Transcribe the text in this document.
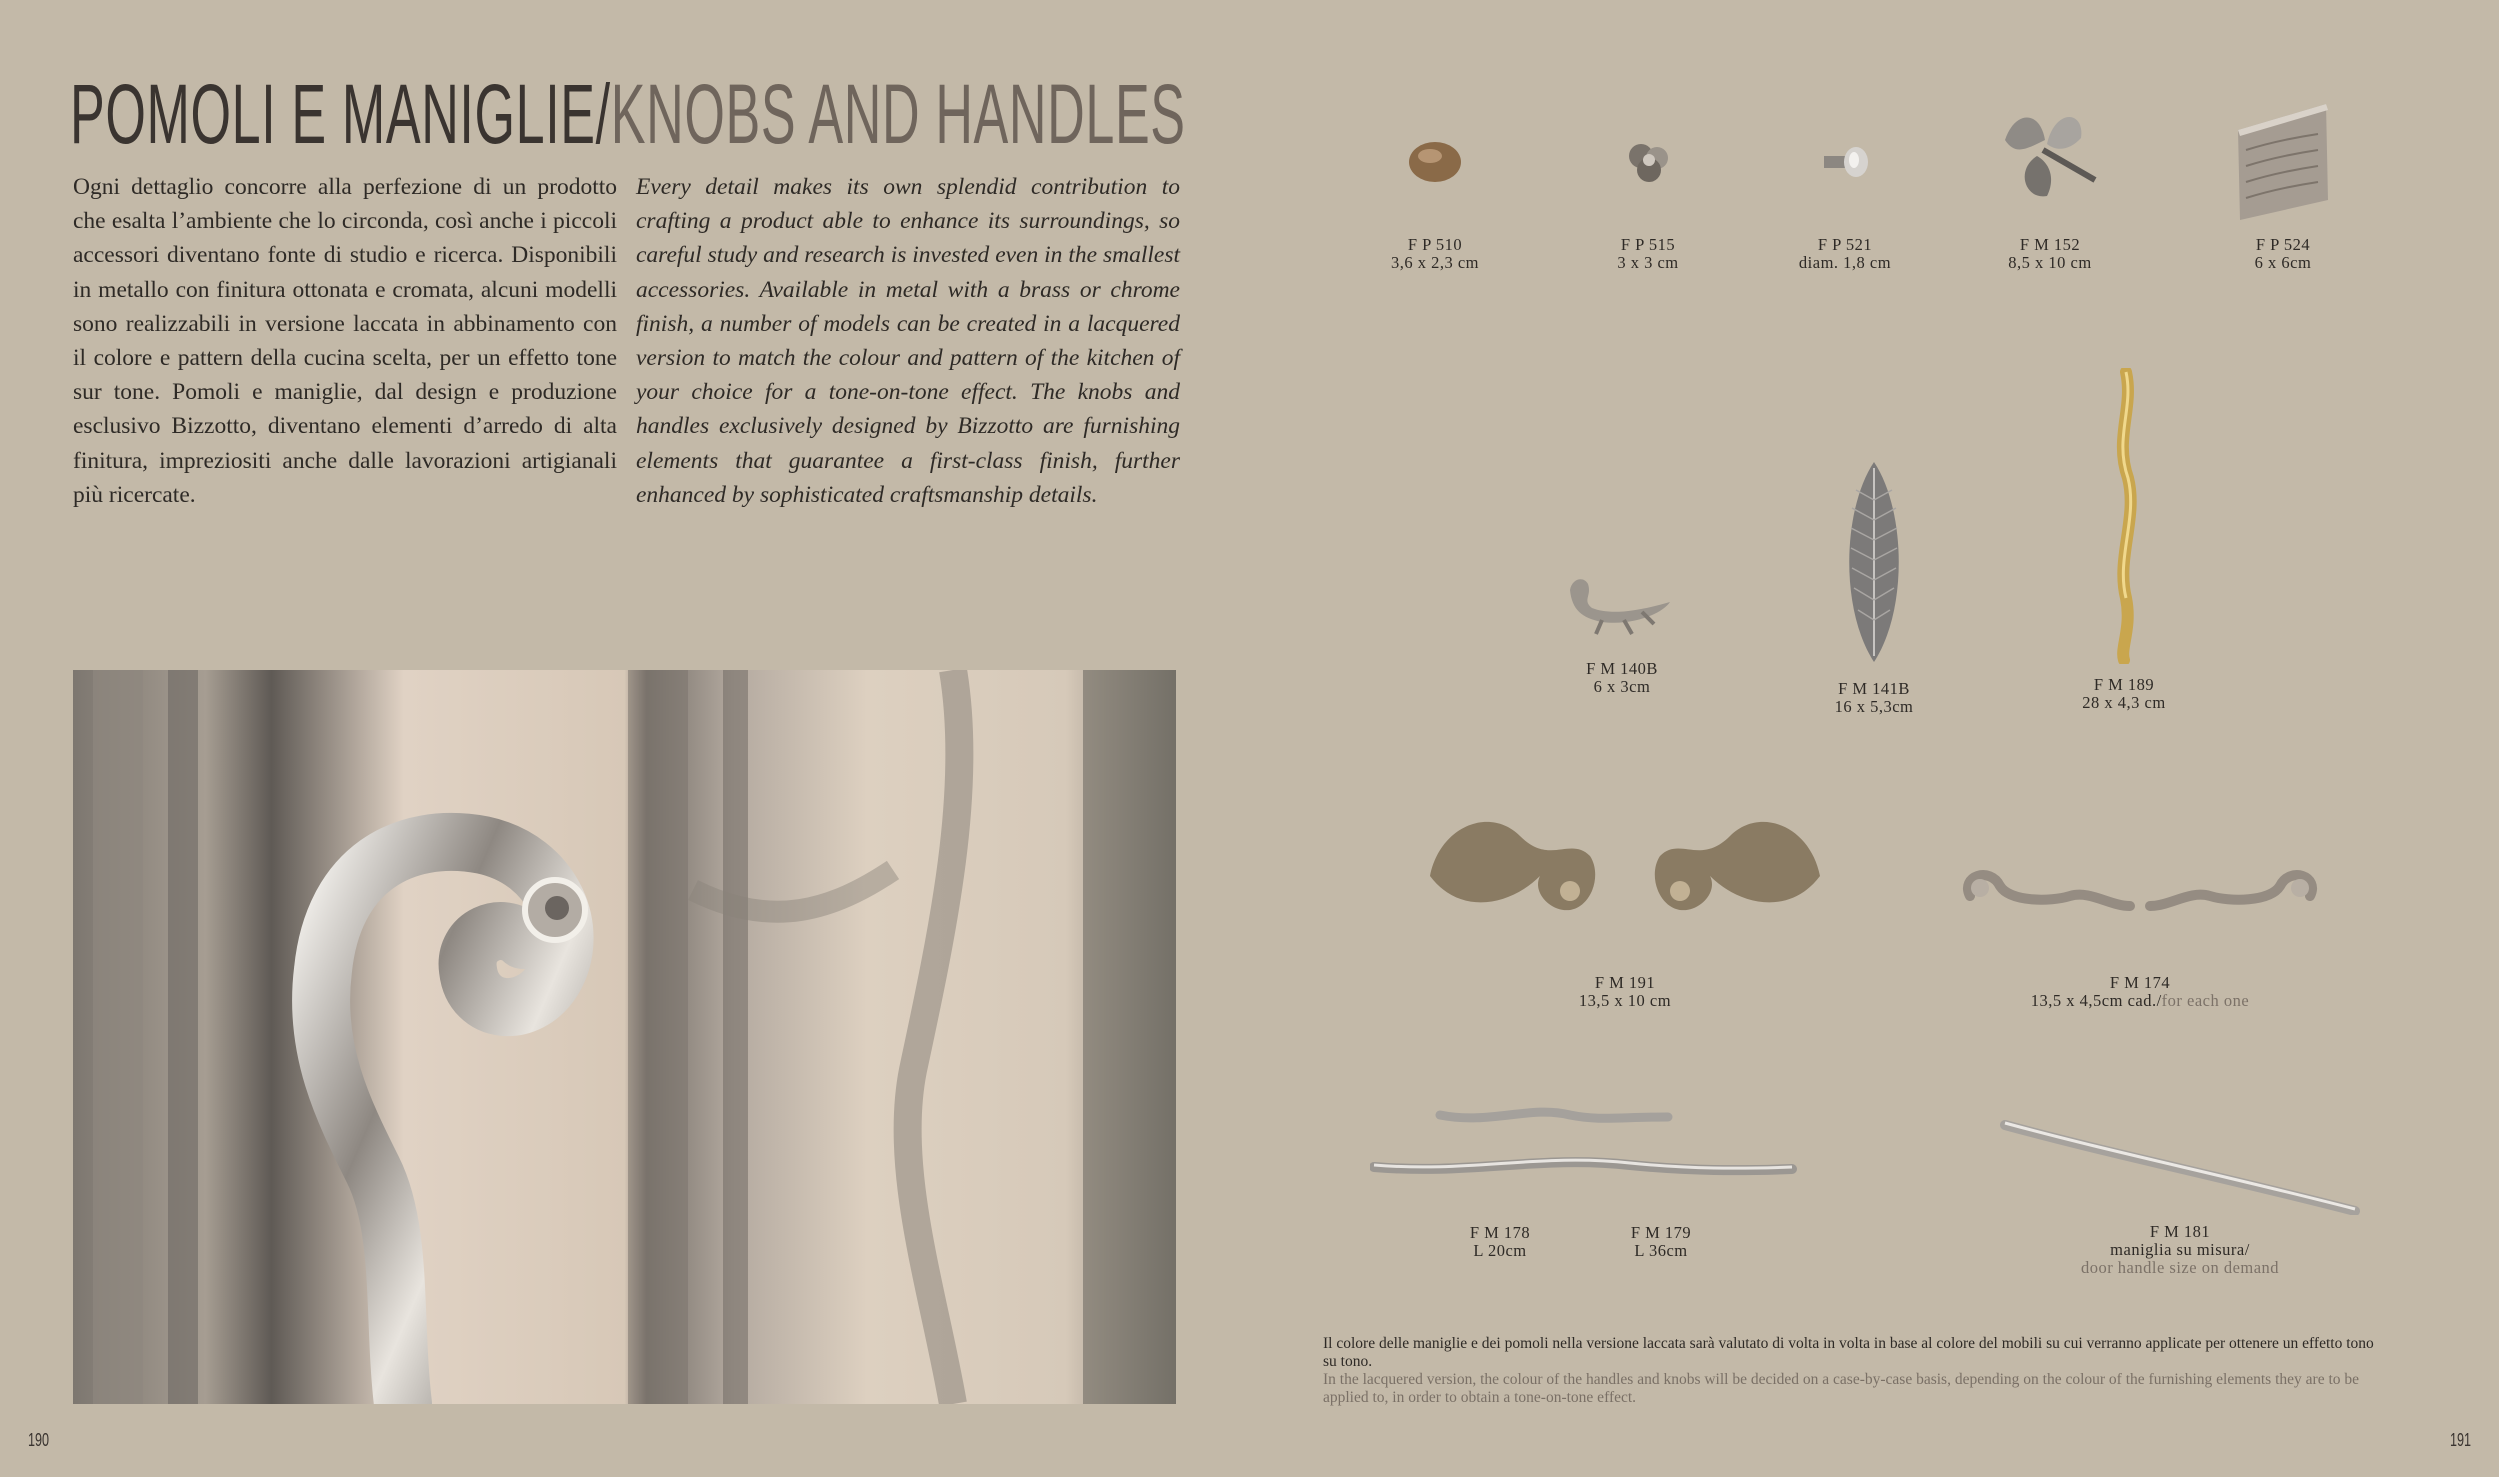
POMOLI E MANIGLIE/KNOBS AND HANDLES
Ogni dettaglio concorre alla perfezione di un prodotto che esalta l’ambiente che lo circonda, così anche i piccoli accessori diventano fonte di studio e ricerca. Disponibili in metallo con finitura ottonata e cromata, alcuni modelli sono realizzabili in versione laccata in abbinamento con il colore e pattern della cucina scelta, per un effetto tone sur tone. Pomoli e maniglie, dal design e produzione esclusivo Bizzotto, diventano elementi d’arredo di alta finitura, impreziositi anche dalle lavorazioni artigianali più ricercate.
Every detail makes its own splendid contribution to crafting a product able to enhance its surroundings, so careful study and research is invested even in the smallest accessories. Available in metal with a brass or chrome finish, a number of models can be created in a lacquered version to match the colour and pattern of the kitchen of your choice for a tone-on-tone effect. The knobs and handles exclusively designed by Bizzotto are furnishing elements that guarantee a first-class finish, further enhanced by sophisticated craftsmanship details.
F P 510
3,6 x 2,3 cm
F P 515
3 x 3 cm
F P 521
diam. 1,8 cm
F M 152
8,5 x 10 cm
F P 524
6 x 6cm
F M 140B
6 x 3cm	F M 141B
16 x 5,3cm
F M 189
28 x 4,3 cm
F M 191
13,5 x 10 cm
F M 174
13,5 x 4,5cm cad./for each one
F M 178
L 20cm
F M 179
L 36cm
F M 181
maniglia su misura/
door handle size on demand
Il colore delle maniglie e dei pomoli nella versione laccata sarà valutato di volta in volta in base al colore del mobili su cui verranno applicate per ottenere un effetto tono su tono.
In the lacquered version, the colour of the handles and knobs will be decided on a case-by-case basis, depending on the colour of the furnishing elements they are to be applied to, in order to obtain a tone-on-tone effect.
190	191
